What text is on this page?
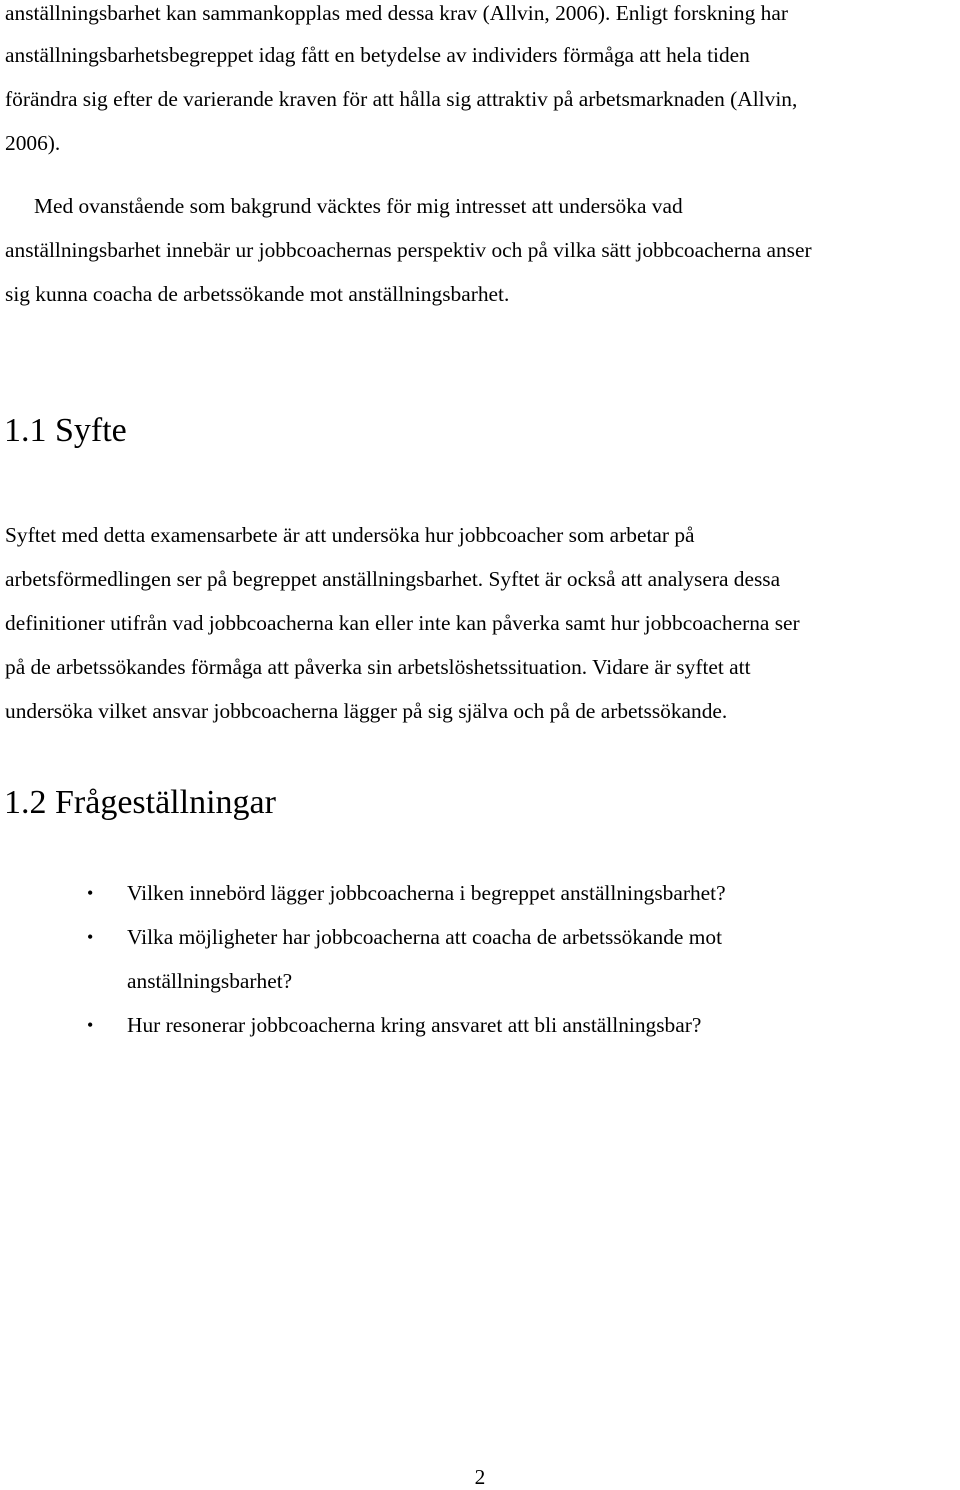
anställningsbarhet kan sammankopplas med dessa krav (Allvin, 2006). Enligt forskning har

anställningsbarhetsbegreppet idag fått en betydelse av individers förmåga att hela tiden

förändra sig efter de varierande kraven för att hålla sig attraktiv på arbetsmarknaden (Allvin,

2006).

Med ovanstående som bakgrund väcktes för mig intresset att undersöka vad

anställningsbarhet innebär ur jobbcoachernas perspektiv och på vilka sätt jobbcoacherna anser

sig kunna coacha de arbetssökande mot anställningsbarhet.

1.1 Syfte

Syftet med detta examensarbete är att undersöka hur jobbcoacher som arbetar på

arbetsförmedlingen ser på begreppet anställningsbarhet. Syftet är också att analysera dessa

definitioner utifrån vad jobbcoacherna kan eller inte kan påverka samt hur jobbcoacherna ser

på de arbetssökandes förmåga att påverka sin arbetslöshetssituation. Vidare är syftet att

undersöka vilket ansvar jobbcoacherna lägger på sig själva och på de arbetssökande.

1.2 Frågeställningar
• Vilken innebörd lägger jobbcoacherna i begreppet anställningsbarhet?

• Vilka möjligheter har jobbcoacherna att coacha de arbetssökande mot

anställningsbarhet?

• Hur resonerar jobbcoacherna kring ansvaret att bli anställningsbar?

2
